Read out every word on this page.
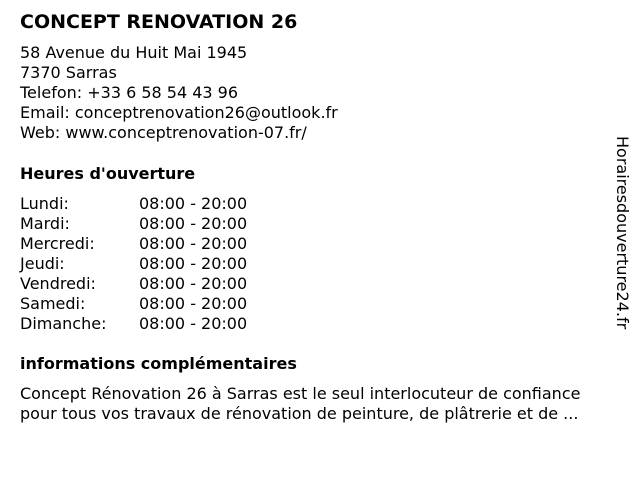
CONCEPT RENOVATION 26
58 Avenue du Huit Mai 1945
7370 Sarras
Telefon: +33 6 58 54 43 96
Email: conceptrenovation26@outlook.fr
Web: www.conceptrenovation-07.fr/
Heures d'ouverture
Lundi:	08:00 - 20:00
Mardi:	08:00 - 20:00
Mercredi:	08:00 - 20:00
Jeudi:	08:00 - 20:00
Vendredi:	08:00 - 20:00
Samedi:	08:00 - 20:00
Dimanche: 08:00 - 20:00
informations complémentaires
Concept Rénovation 26 à Sarras est le seul interlocuteur de confiance
pour tous vos travaux de rénovation de peinture, de plâtrerie et de ...
Horairesdouverture24.fr
